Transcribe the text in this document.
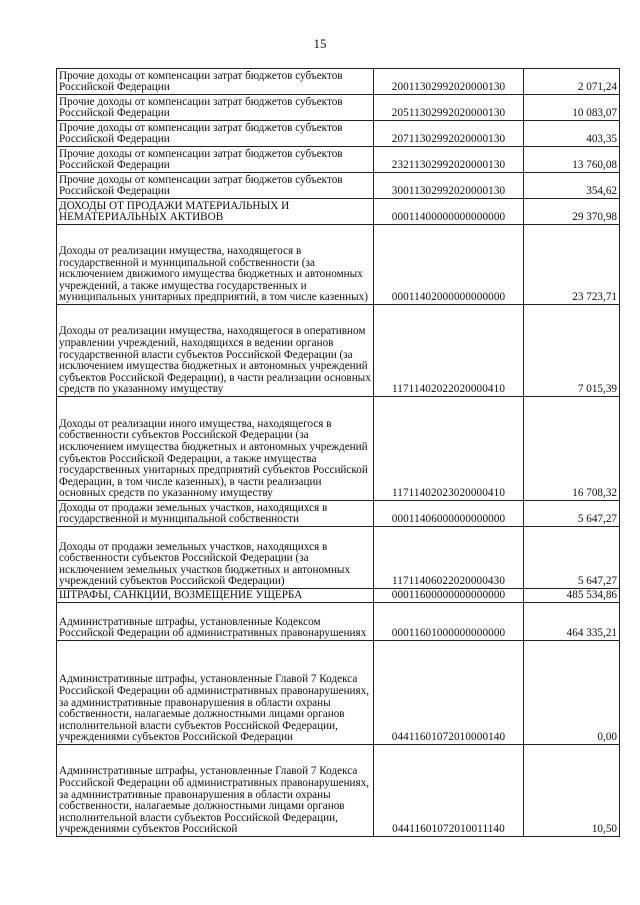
15
Прочие доходы от компенсации затрат бюджетов субъектов Российской Федерации	20011302992020000130	2 071,24
Прочие доходы от компенсации затрат бюджетов субъектов Российской Федерации	20511302992020000130	10 083,07
Прочие доходы от компенсации затрат бюджетов субъектов Российской Федерации	20711302992020000130	403,35
Прочие доходы от компенсации затрат бюджетов субъектов Российской Федерации	23211302992020000130	13 760,08
Прочие доходы от компенсации затрат бюджетов субъектов Российской Федерации	30011302992020000130	354,62
ДОХОДЫ ОТ ПРОДАЖИ МАТЕРИАЛЬНЫХ И НЕМАТЕРИАЛЬНЫХ АКТИВОВ	00011400000000000000	29 370,98
Доходы от реализации имущества, находящегося в государственной и муниципальной собственности (за исключением движимого имущества бюджетных и автономных учреждений, а также имущества государственных и муниципальных унитарных предприятий, в том числе казенных)	00011402000000000000	23 723,71
Доходы от реализации имущества, находящегося в оперативном управлении учреждений, находящихся в ведении органов государственной власти субъектов Российской Федерации (за исключением имущества бюджетных и автономных учреждений субъектов Российской Федерации), в части реализации основных средств по указанному имуществу	11711402022020000410	7 015,39
Доходы от реализации иного имущества, находящегося в собственности субъектов Российской Федерации (за исключением имущества бюджетных и автономных учреждений субъектов Российской Федерации, а также имущества государственных унитарных предприятий субъектов Российской Федерации, в том числе казенных), в части реализации основных средств по указанному имуществу	11711402023020000410	16 708,32
Доходы от продажи земельных участков, находящихся в государственной и муниципальной собственности	00011406000000000000	5 647,27
Доходы от продажи земельных участков, находящихся в собственности субъектов Российской Федерации (за исключением земельных участков бюджетных и автономных учреждений субъектов Российской Федерации)	11711406022020000430	5 647,27
ШТРАФЫ, САНКЦИИ, ВОЗМЕЩЕНИЕ УЩЕРБА	00011600000000000000	485 534,86
Административные штрафы, установленные Кодексом Российской Федерации об административных правонарушениях	00011601000000000000	464 335,21
Административные штрафы, установленные Главой 7 Кодекса Российской Федерации об административных правонарушениях, за административные правонарушения в области охраны собственности, налагаемые должностными лицами органов исполнительной власти субъектов Российской Федерации, учреждениями субъектов Российской Федерации	04411601072010000140	0,00
Административные штрафы, установленные Главой 7 Кодекса Российской Федерации об административных правонарушениях, за административные правонарушения в области охраны собственности, налагаемые должностными лицами органов исполнительной власти субъектов Российской Федерации, учреждениями субъектов Российской	04411601072010011140	10,50
